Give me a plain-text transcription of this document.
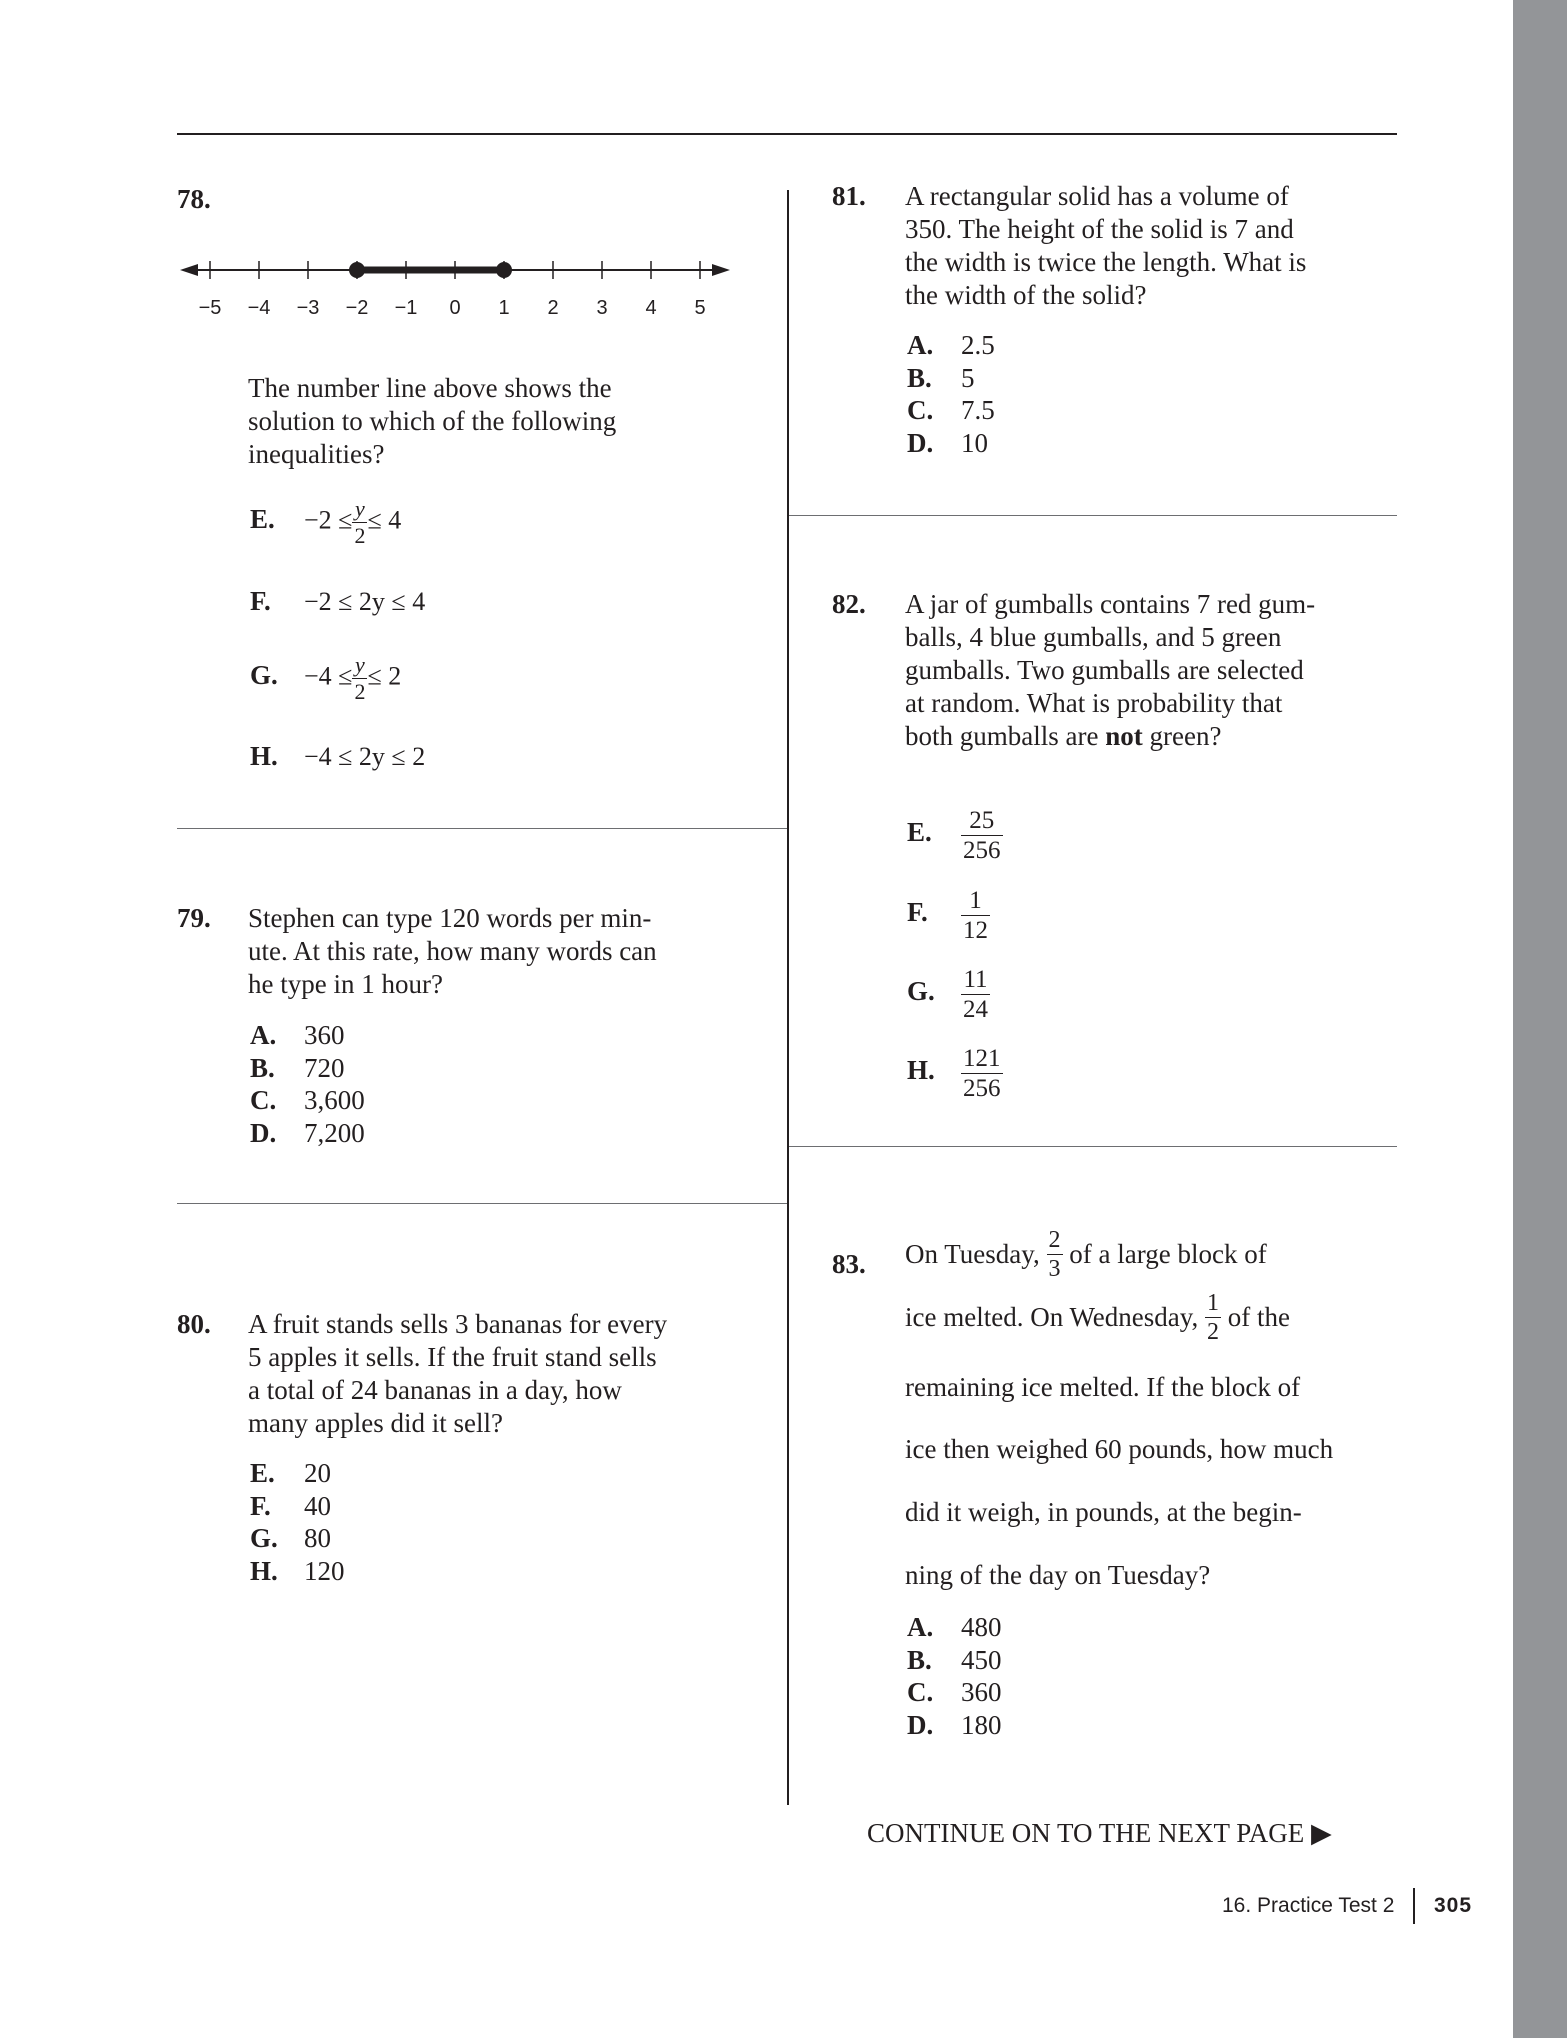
78.
−5 −4 −3 −2 −1 0 1 2 3 4 5
The number line above shows the
solution to which of the following
inequalities?
E. $-2 \le \frac{y}{2} \le 4$
F. −2 ≤ 2y ≤ 4
G. $-4 \le \frac{y}{2} \le 2$
H. −4 ≤ 2y ≤ 2
79. Stephen can type 120 words per min-
ute. At this rate, how many words can
he type in 1 hour?
A. 360
B. 720
C. 3,600
D. 7,200
80. A fruit stands sells 3 bananas for every
5 apples it sells. If the fruit stand sells
a total of 24 bananas in a day, how
many apples did it sell?
E. 20
F. 40
G. 80
H. 120
81. A rectangular solid has a volume of
350. The height of the solid is 7 and
the width is twice the length. What is
the width of the solid?
A. 2.5
B. 5
C. 7.5
D. 10
82. A jar of gumballs contains 7 red gum-
balls, 4 blue gumballs, and 5 green
gumballs. Two gumballs are selected
at random. What is probability that
both gumballs are not green?
E. $\frac{25}{256}$
F. $\frac{1}{12}$
G. $\frac{11}{24}$
H. $\frac{121}{256}$
83. On Tuesday, $\frac{2}{3}$ of a large block of
ice melted. On Wednesday, $\frac{1}{2}$ of the
remaining ice melted. If the block of
ice then weighed 60 pounds, how much
did it weigh, in pounds, at the begin-
ning of the day on Tuesday?
A. 480
B. 450
C. 360
D. 180
CONTINUE ON TO THE NEXT PAGE ▶
16. Practice Test 2 305
